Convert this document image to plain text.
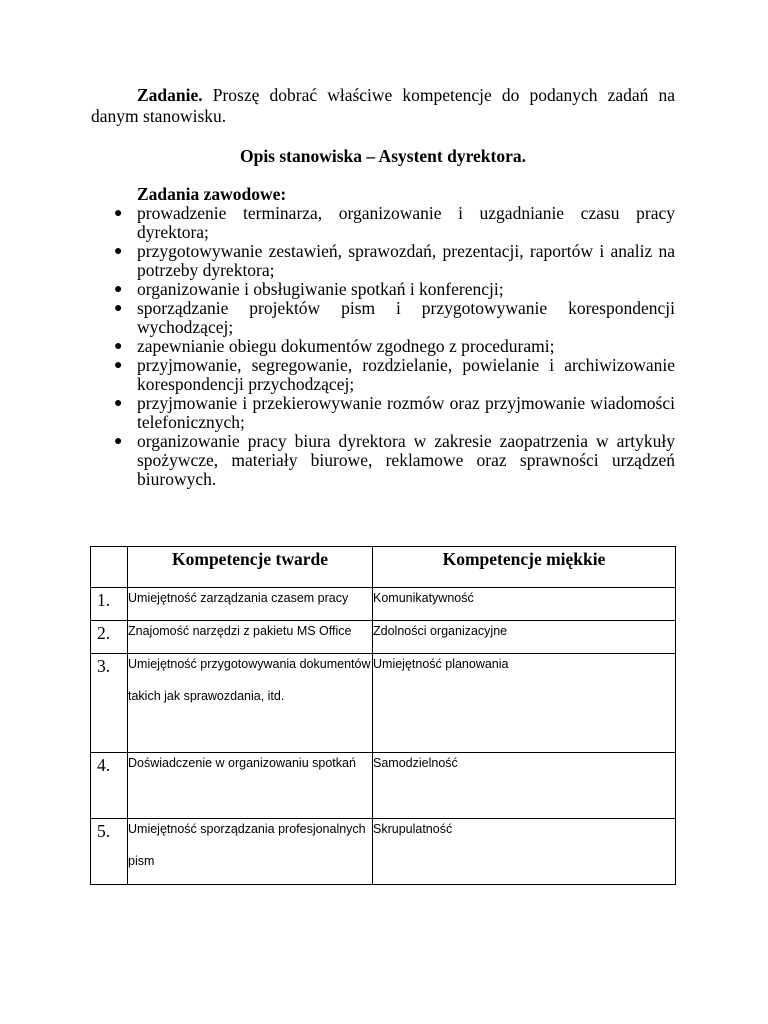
Zadanie. Proszę dobrać właściwe kompetencje do podanych zadań na danym stanowisku.

Opis stanowiska – Asystent dyrektora.

Zadania zawodowe:

● prowadzenie terminarza, organizowanie i uzgadnianie czasu pracy dyrektora;
● przygotowywanie zestawień, sprawozdań, prezentacji, raportów i analiz na potrzeby dyrektora;
● organizowanie i obsługiwanie spotkań i konferencji;
● sporządzanie projektów pism i przygotowywanie korespondencji wychodzącej;
● zapewnianie obiegu dokumentów zgodnego z procedurami;
● przyjmowanie, segregowanie, rozdzielanie, powielanie i archiwizowanie korespondencji przychodzącej;
● przyjmowanie i przekierowywanie rozmów oraz przyjmowanie wiadomości telefonicznych;
● organizowanie pracy biura dyrektora w zakresie zaopatrzenia w artykuły spożywcze, materiały biurowe, reklamowe oraz sprawności urządzeń biurowych.
	Kompetencje twarde	Kompetencje miękkie
1.	Umiejętność zarządzania czasem pracy	Komunikatywność

2.	Znajomość narzędzi z pakietu MS Office	Zdolności organizacyjne

3.	Umiejętność przygotowywania dokumentów takich jak sprawozdania, itd.	Umiejętność planowania

4.	Doświadczenie w organizowaniu spotkań	Samodzielność

5.	Umiejętność sporządzania profesjonalnych pism	Skrupulatność
